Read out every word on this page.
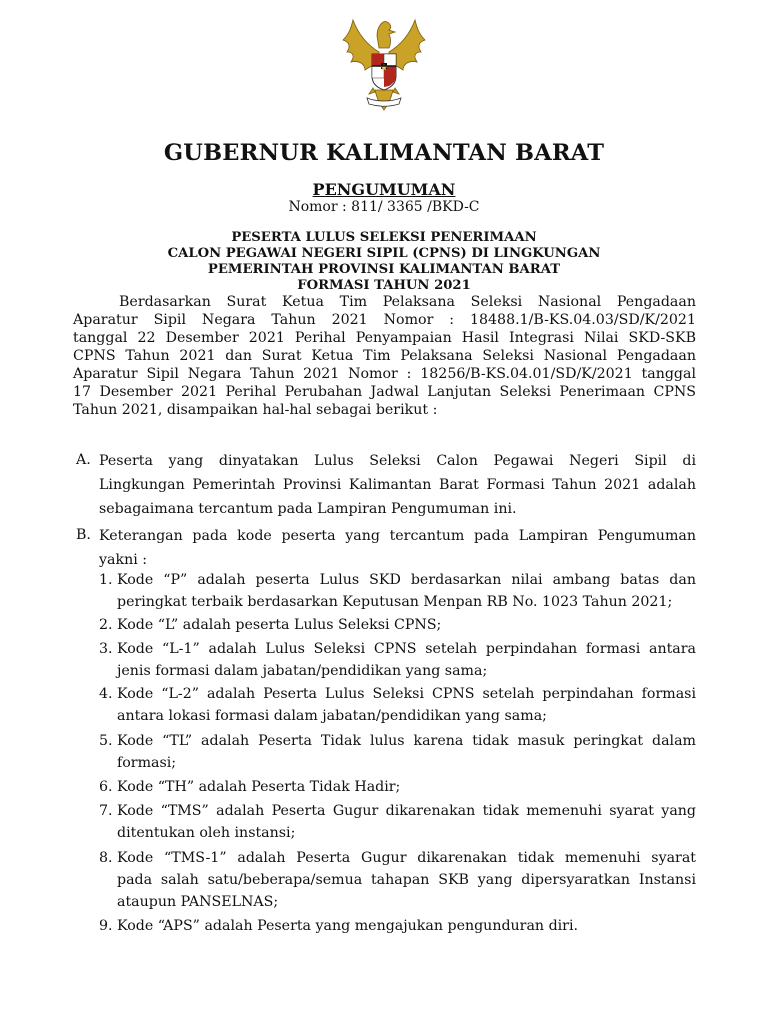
GUBERNUR KALIMANTAN BARAT
PENGUMUMAN
Nomor : 811/ 3365 /BKD-C
PESERTA LULUS SELEKSI PENERIMAAN
CALON PEGAWAI NEGERI SIPIL (CPNS) DI LINGKUNGAN
PEMERINTAH PROVINSI KALIMANTAN BARAT
FORMASI TAHUN 2021
Berdasarkan Surat Ketua Tim Pelaksana Seleksi Nasional Pengadaan
Aparatur Sipil Negara Tahun 2021 Nomor : 18488.1/B-KS.04.03/SD/K/2021
tanggal 22 Desember 2021 Perihal Penyampaian Hasil Integrasi Nilai SKD-SKB
CPNS Tahun 2021 dan Surat Ketua Tim Pelaksana Seleksi Nasional Pengadaan
Aparatur Sipil Negara Tahun 2021 Nomor : 18256/B-KS.04.01/SD/K/2021 tanggal
17 Desember 2021 Perihal Perubahan Jadwal Lanjutan Seleksi Penerimaan CPNS
Tahun 2021, disampaikan hal-hal sebagai berikut :
A. Peserta yang dinyatakan Lulus Seleksi Calon Pegawai Negeri Sipil di
Lingkungan Pemerintah Provinsi Kalimantan Barat Formasi Tahun 2021 adalah
sebagaimana tercantum pada Lampiran Pengumuman ini.
B. Keterangan pada kode peserta yang tercantum pada Lampiran Pengumuman
yakni :
1. Kode “P” adalah peserta Lulus SKD berdasarkan nilai ambang batas dan
peringkat terbaik berdasarkan Keputusan Menpan RB No. 1023 Tahun 2021;
2. Kode “L” adalah peserta Lulus Seleksi CPNS;
3. Kode “L-1” adalah Lulus Seleksi CPNS setelah perpindahan formasi antara
jenis formasi dalam jabatan/pendidikan yang sama;
4. Kode “L-2” adalah Peserta Lulus Seleksi CPNS setelah perpindahan formasi
antara lokasi formasi dalam jabatan/pendidikan yang sama;
5. Kode “TL” adalah Peserta Tidak lulus karena tidak masuk peringkat dalam
formasi;
6. Kode “TH” adalah Peserta Tidak Hadir;
7. Kode “TMS” adalah Peserta Gugur dikarenakan tidak memenuhi syarat yang
ditentukan oleh instansi;
8. Kode “TMS-1” adalah Peserta Gugur dikarenakan tidak memenuhi syarat
pada salah satu/beberapa/semua tahapan SKB yang dipersyaratkan Instansi
ataupun PANSELNAS;
9. Kode “APS” adalah Peserta yang mengajukan pengunduran diri.
